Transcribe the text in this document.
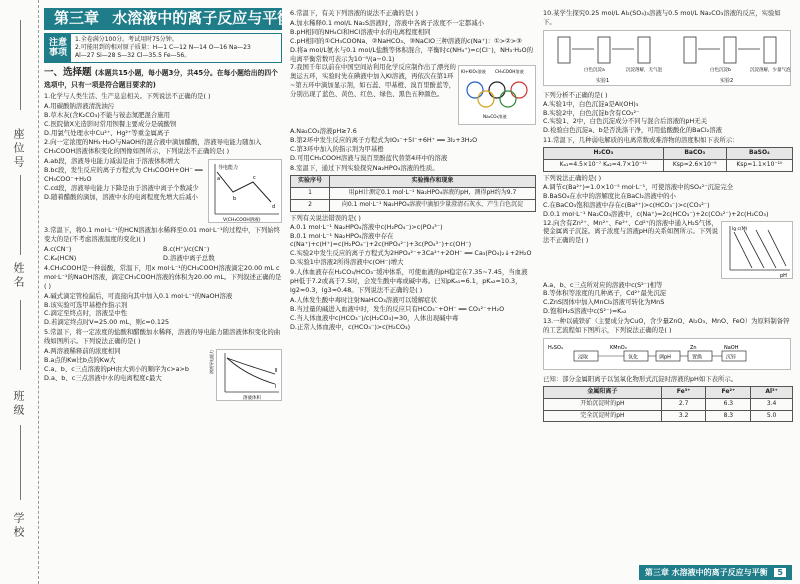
座位号
姓名
班级
学校
第三章 水溶液中的离子反应与平衡
注意事项
1.全卷满分100分。考试用时75分钟。
2.可能用到的相对原子质量：H—1 C—12 N—14 O—16 Na—23
Al—27 Si—28 S—32 Cl—35.5 Fe—56。
一、选择题 (本题共15小题，每小题3分，共45分。在每小题给出的四个选项中，只有一项是符合题目要求的)
1.化学与人类生活、生产息息相关。下列说法不正确的是( )
A.用碳酸钠溶液清洗油污
B.草木灰(含K₂CO₃)不能与铵态氮肥混合施用
C.医院做X光造影时常用钡餐主要成分是硫酸钡
D.用氯气处理水中Cu²⁺、Hg²⁺等重金属离子
2.向一定浓度的NH₃·H₂O与NaOH的混合液中滴加醋酸，溶液导电能力随加入CH₃COOH溶液体积变化的图像如图所示，下列说法不正确的是( )
A.ab段，溶液导电能力减弱是由于溶液体积增大
B.bc段，发生反应的离子方程式为 CH₃COOH+OH⁻ ══ CH₃COO⁻+H₂O
C.cd段，溶液导电能力下降是由于溶液中离子个数减少
D.随着醋酸的滴加，溶液中水的电离程度先增大后减小
导电能力
V(CH₃COOH溶液)
a
b
c
d
3.常温下，将0.1 mol·L⁻¹的HCN溶液加水稀释至0.01 mol·L⁻¹的过程中，下列始终变大的是(不考虑溶液温度的变化)( )
A.c(CN⁻)	B.c(H⁺)/c(CN⁻)
C.Kₐ(HCN)	D.溶液中离子总数
4.CH₃COOH是一种弱酸，常温下，用x mol·L⁻¹的CH₃COOH溶液滴定20.00 mL c mol·L⁻¹的NaOH溶液，滴定CH₃COOH溶液的体积为20.00 mL。下列叙述正确的是( )
A.碱式滴定管检漏后，可直接向其中加入0.1 mol·L⁻¹的NaOH溶液
B.该实验可选甲基橙作指示剂
C.滴定至终点时，溶液呈中性
D.若滴定终点时V=25.00 mL，则c=0.125
5.常温下，将一定浓度的盐酸和醋酸加水稀释，溶液的导电能力随溶液体积变化的曲线如图所示。下列说法正确的是( )
A.两溶液稀释前的浓度相同
B.a点的Kw比b点的Kw大
C.a、b、c三点溶液的pH由大到小的顺序为c>a>b
D.a、b、c三点溶液中水的电离程度c最大
Ⅰ
Ⅱ
溶液导电能力
溶液体积
6.常温下，有关下列溶液的说法不正确的是( )
A.加水稀释0.1 mol/L Na₂S溶液时，溶液中各离子浓度不一定都减小
B.pH相同的NH₄Cl和HCl溶液中水的电离程度相同
C.pH相同的①CH₃COONa、②NaHCO₃、③NaClO三种溶液的c(Na⁺)：①>②>③
D.将a mol/L氨水与0.1 mol/L盐酸等体积混合，平衡时c(NH₄⁺)=c(Cl⁻)，NH₃·H₂O的电离平衡常数可表示为10⁻⁸/(a−0.1)
7.我国千年以前在中国空间站利用化学反应制作出了漂亮的奥运五环，实验时先在碘液中加入KI溶液，再依次在第1环~第五环中滴加显示剂，如石蕊、甲基橙、溴百里酚蓝等，分别出现了蓝色、黄色、红色、绿色、黑色五种颜色。
KI+KIO₃溶液 CH₃COOH溶液
Na₂CO₃溶液
A.Na₂CO₃溶液pH≥7.6
B.第2环中发生反应的离子方程式为IO₃⁻+5I⁻+6H⁺ ══ 3I₂+3H₂O
C.第3环中加入的指示剂为甲基橙
D.可用CH₃COOH溶液与溴百里酚蓝代替第4环中的溶液
8.室温下，通过下列实验探究Na₂HPO₄溶液的性质。
实验序号	实验操作和现象
1	用pH计测定0.1 mol·L⁻¹ Na₂HPO₄溶液的pH，测得pH约为9.7
2	向0.1 mol·L⁻¹ Na₂HPO₄溶液中滴加少量澄清石灰水，产生白色沉淀
下列有关说法错误的是( )
A.0.1 mol·L⁻¹ Na₂HPO₄溶液中c(H₂PO₄⁻)>c(PO₄³⁻)
B.0.1 mol·L⁻¹ Na₂HPO₄溶液中存在c(Na⁺)+c(H⁺)=c(H₂PO₄⁻)+2c(HPO₄²⁻)+3c(PO₄³⁻)+c(OH⁻)
C.实验2中发生反应的离子方程式为2HPO₄²⁻+3Ca²⁺+2OH⁻ ══ Ca₃(PO₄)₂↓+2H₂O
D.实验1中溶液2所得溶液中c(OH⁻)增大
9.人体血液存在H₂CO₃/HCO₃⁻缓冲体系，可使血液的pH稳定在7.35~7.45，当血液pH低于7.2或高于7.5时，会发生酸中毒或碱中毒。已知pKₐ₁=6.1，pKₐ₂=10.3，lg2≈0.3，lg3≈0.48。下列说法不正确的是( )
A.人体发生酸中毒时注射NaHCO₃溶液可以缓解症状
B.当过量的碱进入血液中时，发生的反应只有HCO₃⁻+OH⁻ ══ CO₃²⁻+H₂O
C.当人体血液中c(HCO₃⁻)/c(H₂CO₃)=30，人体出现碱中毒
D.正常人体血液中，c(HCO₃⁻)>c(H₂CO₃)
10.某学生探究0.25 mol/L Al₂(SO₄)₃溶液与0.5 mol/L Na₂CO₃溶液的反应，实验如下。
白色沉淀a	沉淀溶解，无气泡	白色沉淀b	沉淀溶解，少量气泡
实验1	实验2
下列分析不正确的是( )
A.实验1中，白色沉淀a是Al(OH)₃
B.实验2中，白色沉淀b含有CO₃²⁻
C.实验1、2中，白色沉淀成分不同与混合后溶液的pH无关
D.检验白色沉淀a、b是否洗涤干净，可用盐酸酸化的BaCl₂溶液
11.常温下，几种弱电解质的电离常数或难溶物的溶度积如下表所示：
H₂CO₃	BaCO₃	BaSO₄
Kₐ₁=4.5×10⁻⁷ Kₐ₂=4.7×10⁻¹¹	Ksp=2.6×10⁻⁹	Ksp=1.1×10⁻¹⁰
下列说法正确的是( )
A.调节c(Ba²⁺)=1.0×10⁻⁵ mol·L⁻¹，可使溶液中的SO₄²⁻沉淀完全
B.BaSO₄在水中的溶解度比在BaCl₂溶液中的小
C.在BaCO₃饱和溶液中存在c(Ba²⁺)>c(HCO₃⁻)>c(CO₃²⁻)
D.0.1 mol·L⁻¹ Na₂CO₃溶液中，c(Na⁺)=2c(HCO₃⁻)+2c(CO₃²⁻)+2c(H₂CO₃)
12.向含有Zn²⁺、Mn²⁺、Fe²⁺、Cd²⁺的溶液中通入H₂S气体，使金属离子沉淀。离子浓度与溶液pH的关系如图所示。下列说法不正确的是( )
lg c(M)
pH
A.a、b、c三点所对应的溶液中c(S²⁻)相等
B.等体积等浓度的几种离子，Cd²⁺最先沉淀
C.ZnS固体中加入MnCl₂溶液可转化为MnS
D.饱和H₂S溶液中c(S²⁻)≈Kₐ₂
13.一种以硫铁矿（主要成分为CuO，含少量ZnO、Al₂O₃、MnO、FeO）为原料制备锌的工艺流程如下图所示，下列说法正确的是( )
H₂SO₄
浸取
KMnO₄
氧化	调pH
Zn
置换
NaOH
沉锌
已知：部分金属阳离子以氢氧化物形式沉淀时溶液的pH如下表所示。
金属阳离子	Fe³⁺	Fe²⁺	Al³⁺
开始沉淀时的pH	2.7	6.3	3.4
完全沉淀时的pH	3.2	8.3	5.0
第三章 水溶液中的离子反应与平衡 5
